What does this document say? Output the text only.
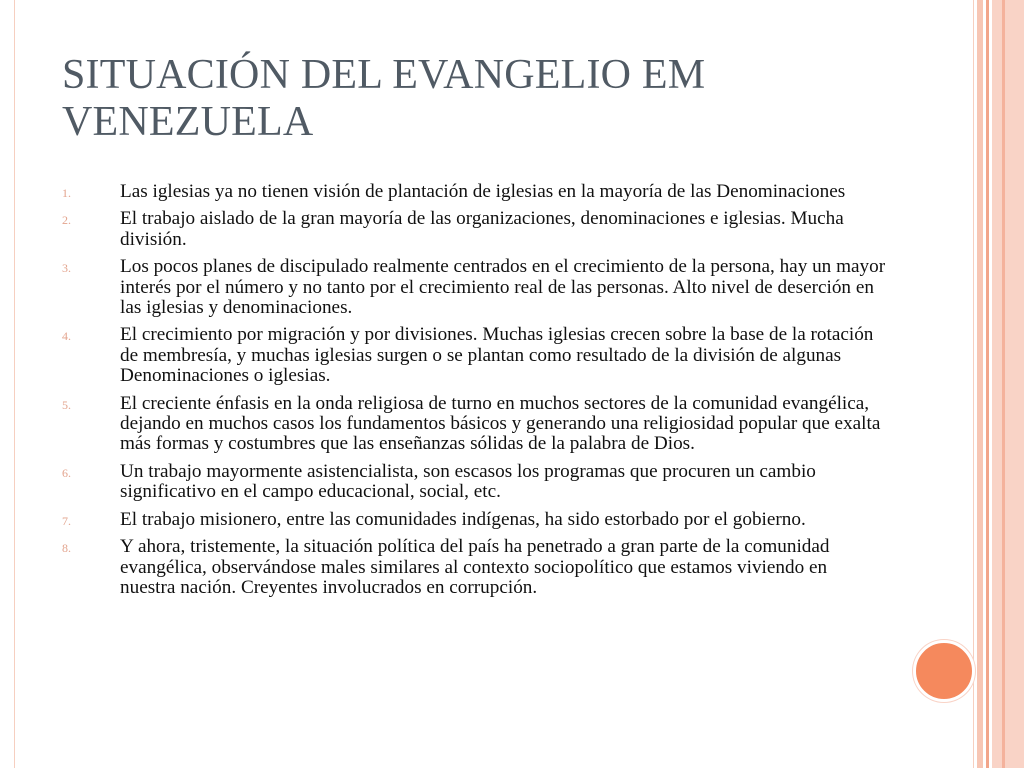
SITUACIÓN DEL EVANGELIO EM VENEZUELA
1.	Las iglesias ya no tienen visión de plantación de iglesias en la mayoría de las Denominaciones
2.	El trabajo aislado de la gran mayoría de las organizaciones, denominaciones e iglesias. Mucha división.
3.	Los pocos planes de discipulado realmente centrados en el crecimiento de la persona, hay un mayor interés por el número y no tanto por el crecimiento real de las personas. Alto nivel de deserción en las iglesias y denominaciones.
4.	El crecimiento por migración y por divisiones. Muchas iglesias crecen sobre la base de la rotación de membresía, y muchas iglesias surgen o se plantan como resultado de la división de algunas Denominaciones o iglesias.
5.	El creciente énfasis en la onda religiosa de turno en muchos sectores de la comunidad evangélica, dejando en muchos casos los fundamentos básicos y generando una religiosidad popular que exalta más formas y costumbres que las enseñanzas sólidas de la palabra de Dios.
6.	Un trabajo mayormente asistencialista, son escasos los programas que procuren un cambio significativo en el campo educacional, social, etc.
7.	El trabajo misionero, entre las comunidades indígenas, ha sido estorbado por el gobierno.
8.	Y ahora, tristemente, la situación política del país ha penetrado a gran parte de la comunidad evangélica, observándose males similares al contexto sociopolítico que estamos viviendo en nuestra nación. Creyentes involucrados en corrupción.
